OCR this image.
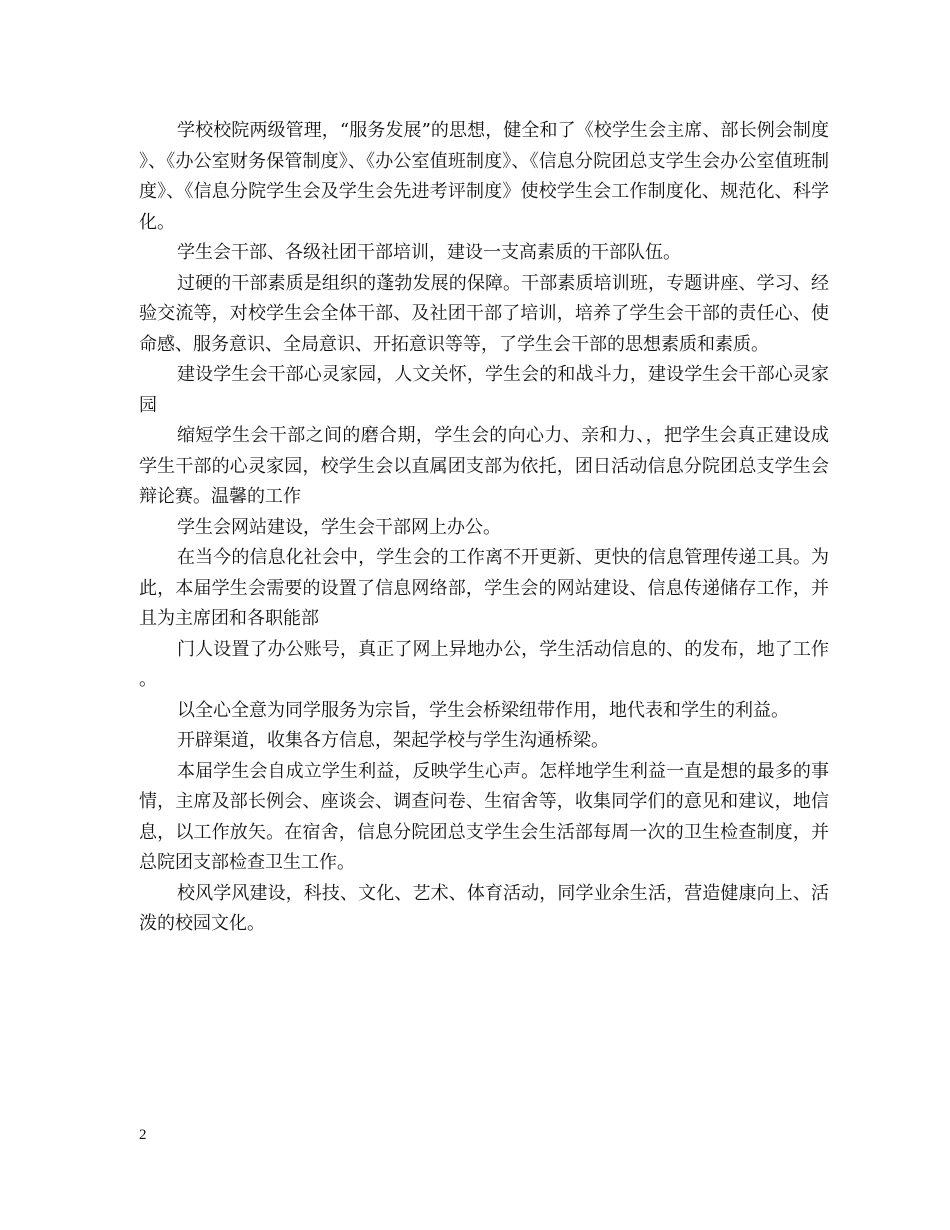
学校校院两级管理，“服务发展”的思想，健全和了《校学生会主席、部长例会制度》、《办公室财务保管制度》、《办公室值班制度》、《信息分院团总支学生会办公室值班制度》、《信息分院学生会及学生会先进考评制度》使校学生会工作制度化、规范化、科学化。

学生会干部、各级社团干部培训，建设一支高素质的干部队伍。

过硬的干部素质是组织的蓬勃发展的保障。干部素质培训班，专题讲座、学习、经验交流等，对校学生会全体干部、及社团干部了培训，培养了学生会干部的责任心、使命感、服务意识、全局意识、开拓意识等等，了学生会干部的思想素质和素质。

建设学生会干部心灵家园，人文关怀，学生会的和战斗力，建设学生会干部心灵家园

缩短学生会干部之间的磨合期，学生会的向心力、亲和力、，把学生会真正建设成学生干部的心灵家园，校学生会以直属团支部为依托，团日活动信息分院团总支学生会辩论赛。温馨的工作

学生会网站建设，学生会干部网上办公。

在当今的信息化社会中，学生会的工作离不开更新、更快的信息管理传递工具。为此，本届学生会需要的设置了信息网络部，学生会的网站建设、信息传递储存工作，并且为主席团和各职能部

门人设置了办公账号，真正了网上异地办公，学生活动信息的、的发布，地了工作。

以全心全意为同学服务为宗旨，学生会桥梁纽带作用，地代表和学生的利益。

开辟渠道，收集各方信息，架起学校与学生沟通桥梁。

本届学生会自成立学生利益，反映学生心声。怎样地学生利益一直是想的最多的事情，主席及部长例会、座谈会、调查问卷、生宿舍等，收集同学们的意见和建议，地信息，以工作放矢。在宿舍，信息分院团总支学生会生活部每周一次的卫生检查制度，并总院团支部检查卫生工作。

校风学风建设，科技、文化、艺术、体育活动，同学业余生活，营造健康向上、活泼的校园文化。

2
